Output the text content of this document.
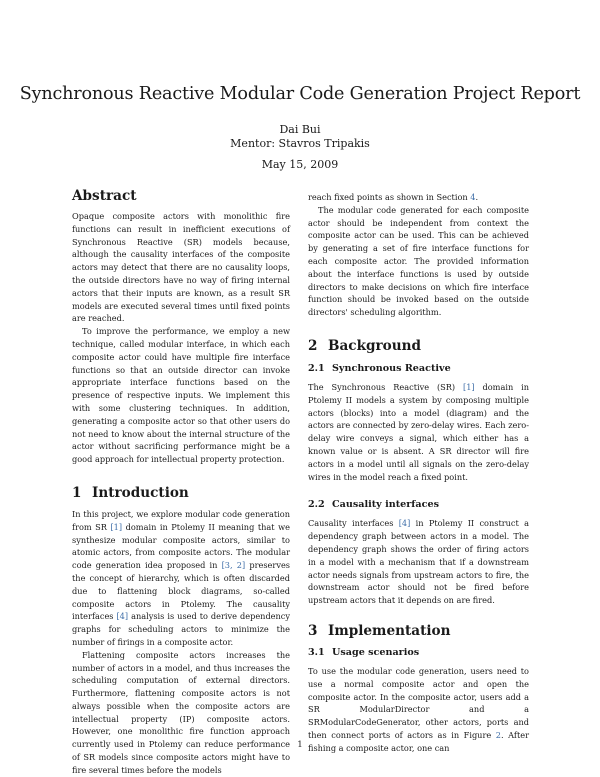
Synchronous Reactive Modular Code Generation Project Report
Dai Bui
Mentor: Stavros Tripakis
May 15, 2009
Abstract

Opaque composite actors with monolithic fire functions can result in inefficient executions of Synchronous Reactive (SR) models because, although the causality interfaces of the composite actors may detect that there are no causality loops, the outside directors have no way of firing internal actors that their inputs are known, as a result SR models are executed several times until fixed points are reached.

To improve the performance, we employ a new technique, called modular interface, in which each composite actor could have multiple fire interface functions so that an outside director can invoke appropriate interface functions based on the presence of respective inputs. We implement this with some clustering techniques. In addition, generating a composite actor so that other users do not need to know about the internal structure of the actor without sacrificing performance might be a good approach for intellectual property protection.

1 Introduction

In this project, we explore modular code generation from SR [1] domain in Ptolemy II meaning that we synthesize modular composite actors, similar to atomic actors, from composite actors. The modular code generation idea proposed in [3, 2] preserves the concept of hierarchy, which is often discarded due to flattening block diagrams, so-called composite actors in Ptolemy. The causality interfaces [4] analysis is used to derive dependency graphs for scheduling actors to minimize the number of firings in a composite actor.

Flattening composite actors increases the number of actors in a model, and thus increases the scheduling computation of external directors. Furthermore, flattening composite actors is not always possible when the composite actors are intellectual property (IP) composite actors. However, one monolithic fire function approach currently used in Ptolemy can reduce performance of SR models since composite actors might have to fire several times before the models

reach fixed points as shown in Section 4.

The modular code generated for each composite actor should be independent from context the composite actor can be used. This can be achieved by generating a set of fire interface functions for each composite actor. The provided information about the interface functions is used by outside directors to make decisions on which fire interface function should be invoked based on the outside directors' scheduling algorithm.

2 Background
2.1 Synchronous Reactive

The Synchronous Reactive (SR) [1] domain in Ptolemy II models a system by composing multiple actors (blocks) into a model (diagram) and the actors are connected by zero-delay wires. Each zero-delay wire conveys a signal, which either has a known value or is absent. A SR director will fire actors in a model until all signals on the zero-delay wires in the model reach a fixed point.

2.2 Causality interfaces

Causality interfaces [4] in Ptolemy II construct a dependency graph between actors in a model. The dependency graph shows the order of firing actors in a model with a mechanism that if a downstream actor needs signals from upstream actors to fire, the downstream actor should not be fired before upstream actors that it depends on are fired.

3 Implementation
3.1 Usage scenarios

To use the modular code generation, users need to use a normal composite actor and open the composite actor. In the composite actor, users add a SR ModularDirector and a SRModularCodeGenerator, other actors, ports and then connect ports of actors as in Figure 2. After fishing a composite actor, one can

1
